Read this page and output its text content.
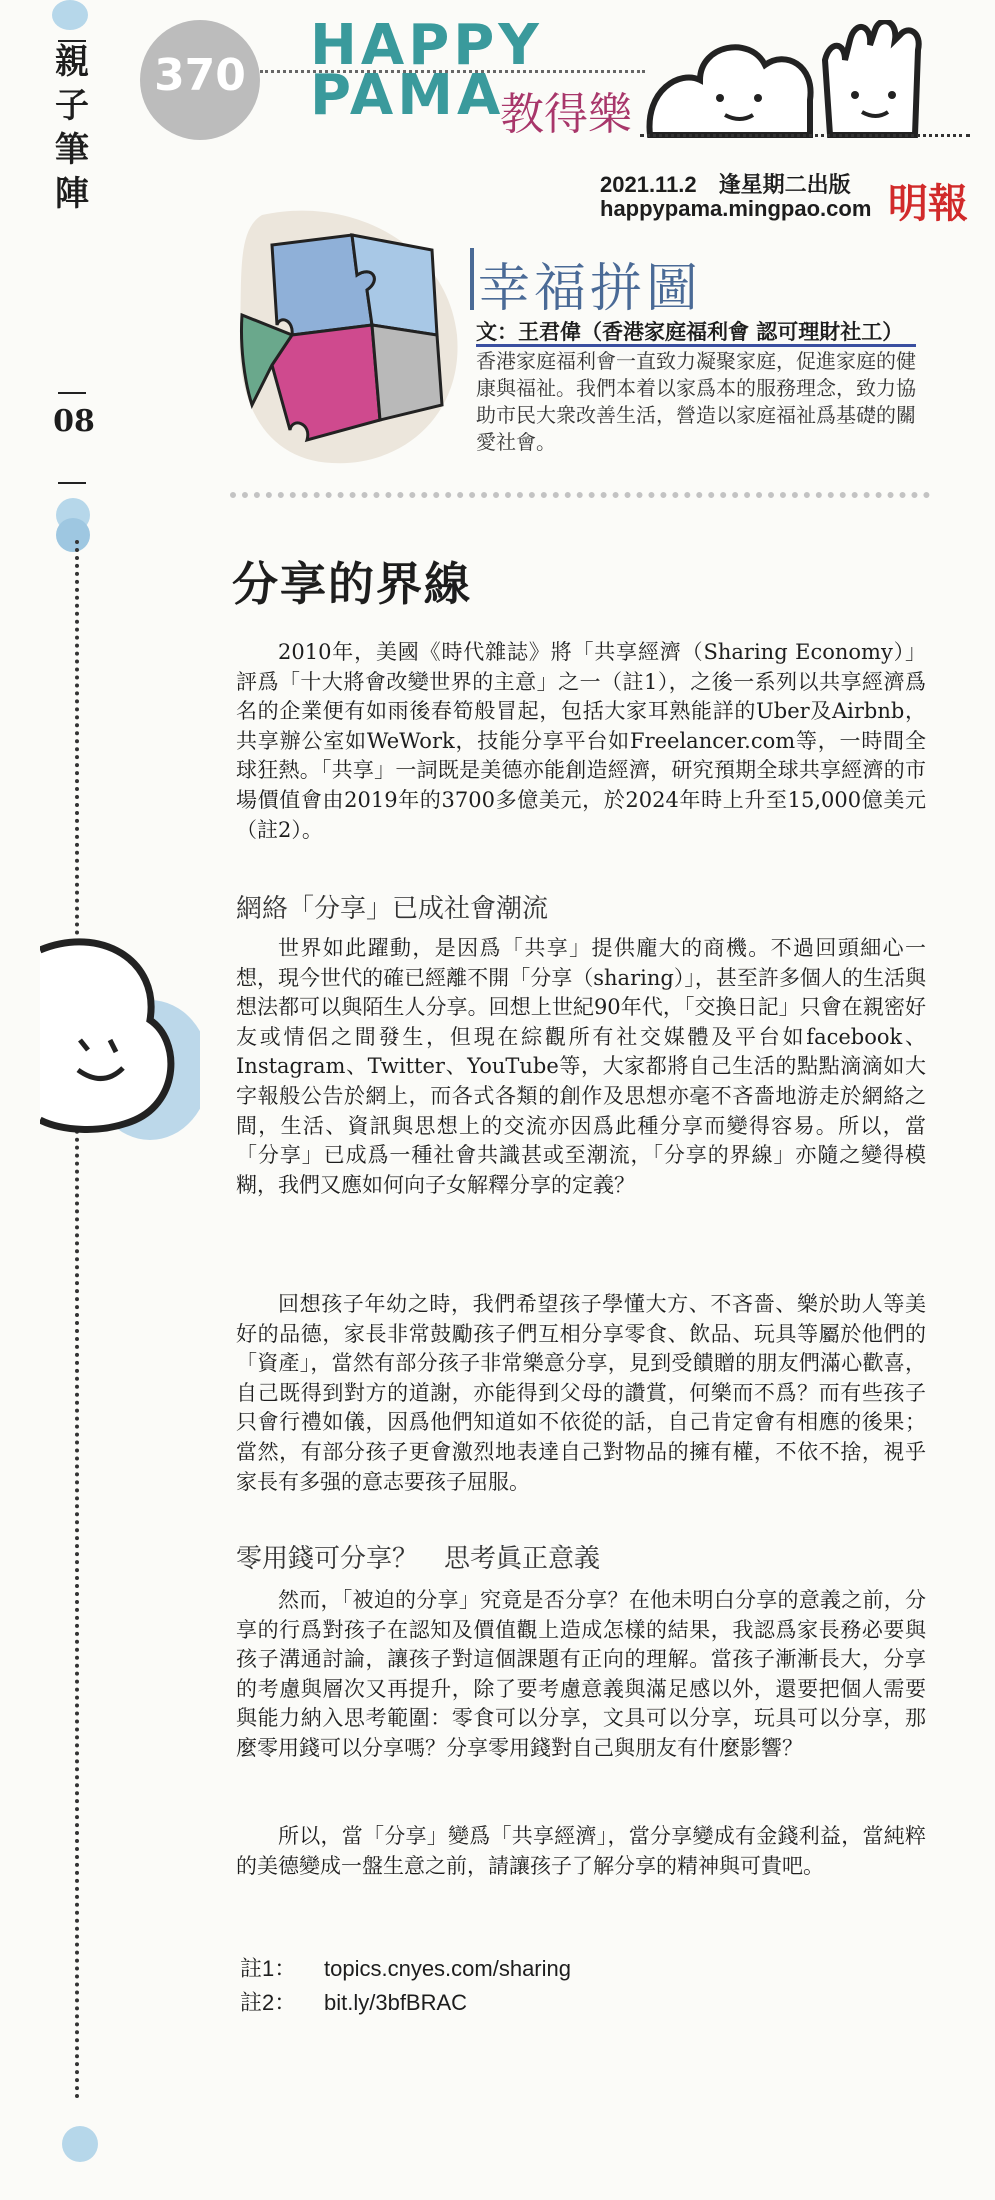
親
子
筆
陣
08
370 HAPPY
PAMA
教得樂
2021.11.2　逢星期二出版
happypama.mingpao.com 明報
幸福拼圖
文：王君偉（香港家庭福利會 認可理財社工）
香港家庭福利會一直致力凝聚家庭，促進家庭的健康與福祉。我們本着以家爲本的服務理念，致力協助市民大衆改善生活，營造以家庭福祉爲基礎的關愛社會。
分享的界線
2010年，美國《時代雜誌》將「共享經濟（Sharing Economy）」評爲「十大將會改變世界的主意」之一（註1），之後一系列以共享經濟爲名的企業便有如雨後春筍般冒起，包括大家耳熟能詳的Uber及Airbnb，共享辦公室如WeWork，技能分享平台如Freelancer.com等，一時間全球狂熱。「共享」一詞既是美德亦能創造經濟，研究預期全球共享經濟的市場價值會由2019年的3700多億美元，於2024年時上升至15,000億美元（註2）。
網絡「分享」已成社會潮流
世界如此躍動，是因爲「共享」提供龐大的商機。不過回頭細心一想，現今世代的確已經離不開「分享（sharing）」，甚至許多個人的生活與想法都可以與陌生人分享。回想上世紀90年代，「交換日記」只會在親密好友或情侶之間發生，但現在綜觀所有社交媒體及平台如facebook、Instagram、Twitter、YouTube等，大家都將自己生活的點點滴滴如大字報般公告於網上，而各式各類的創作及思想亦毫不吝嗇地游走於網絡之間，生活、資訊與思想上的交流亦因爲此種分享而變得容易。所以，當「分享」已成爲一種社會共識甚或至潮流，「分享的界線」亦隨之變得模糊，我們又應如何向子女解釋分享的定義？
回想孩子年幼之時，我們希望孩子學懂大方、不吝嗇、樂於助人等美好的品德，家長非常鼓勵孩子們互相分享零食、飲品、玩具等屬於他們的「資產」，當然有部分孩子非常樂意分享，見到受饋贈的朋友們滿心歡喜，自己既得到對方的道謝，亦能得到父母的讚賞，何樂而不爲？而有些孩子只會行禮如儀，因爲他們知道如不依從的話，自己肯定會有相應的後果；當然，有部分孩子更會激烈地表達自己對物品的擁有權，不依不捨，視乎家長有多强的意志要孩子屈服。
零用錢可分享？　思考眞正意義
然而，「被迫的分享」究竟是否分享？在他未明白分享的意義之前，分享的行爲對孩子在認知及價值觀上造成怎樣的結果，我認爲家長務必要與孩子溝通討論，讓孩子對這個課題有正向的理解。當孩子漸漸長大，分享的考慮與層次又再提升，除了要考慮意義與滿足感以外，還要把個人需要與能力納入思考範圍：零食可以分享，文具可以分享，玩具可以分享，那麼零用錢可以分享嗎？分享零用錢對自己與朋友有什麼影響？
所以，當「分享」變爲「共享經濟」，當分享變成有金錢利益，當純粹的美德變成一盤生意之前，請讓孩子了解分享的精神與可貴吧。
註1： topics.cnyes.com/sharing
註2： bit.ly/3bfBRAC
